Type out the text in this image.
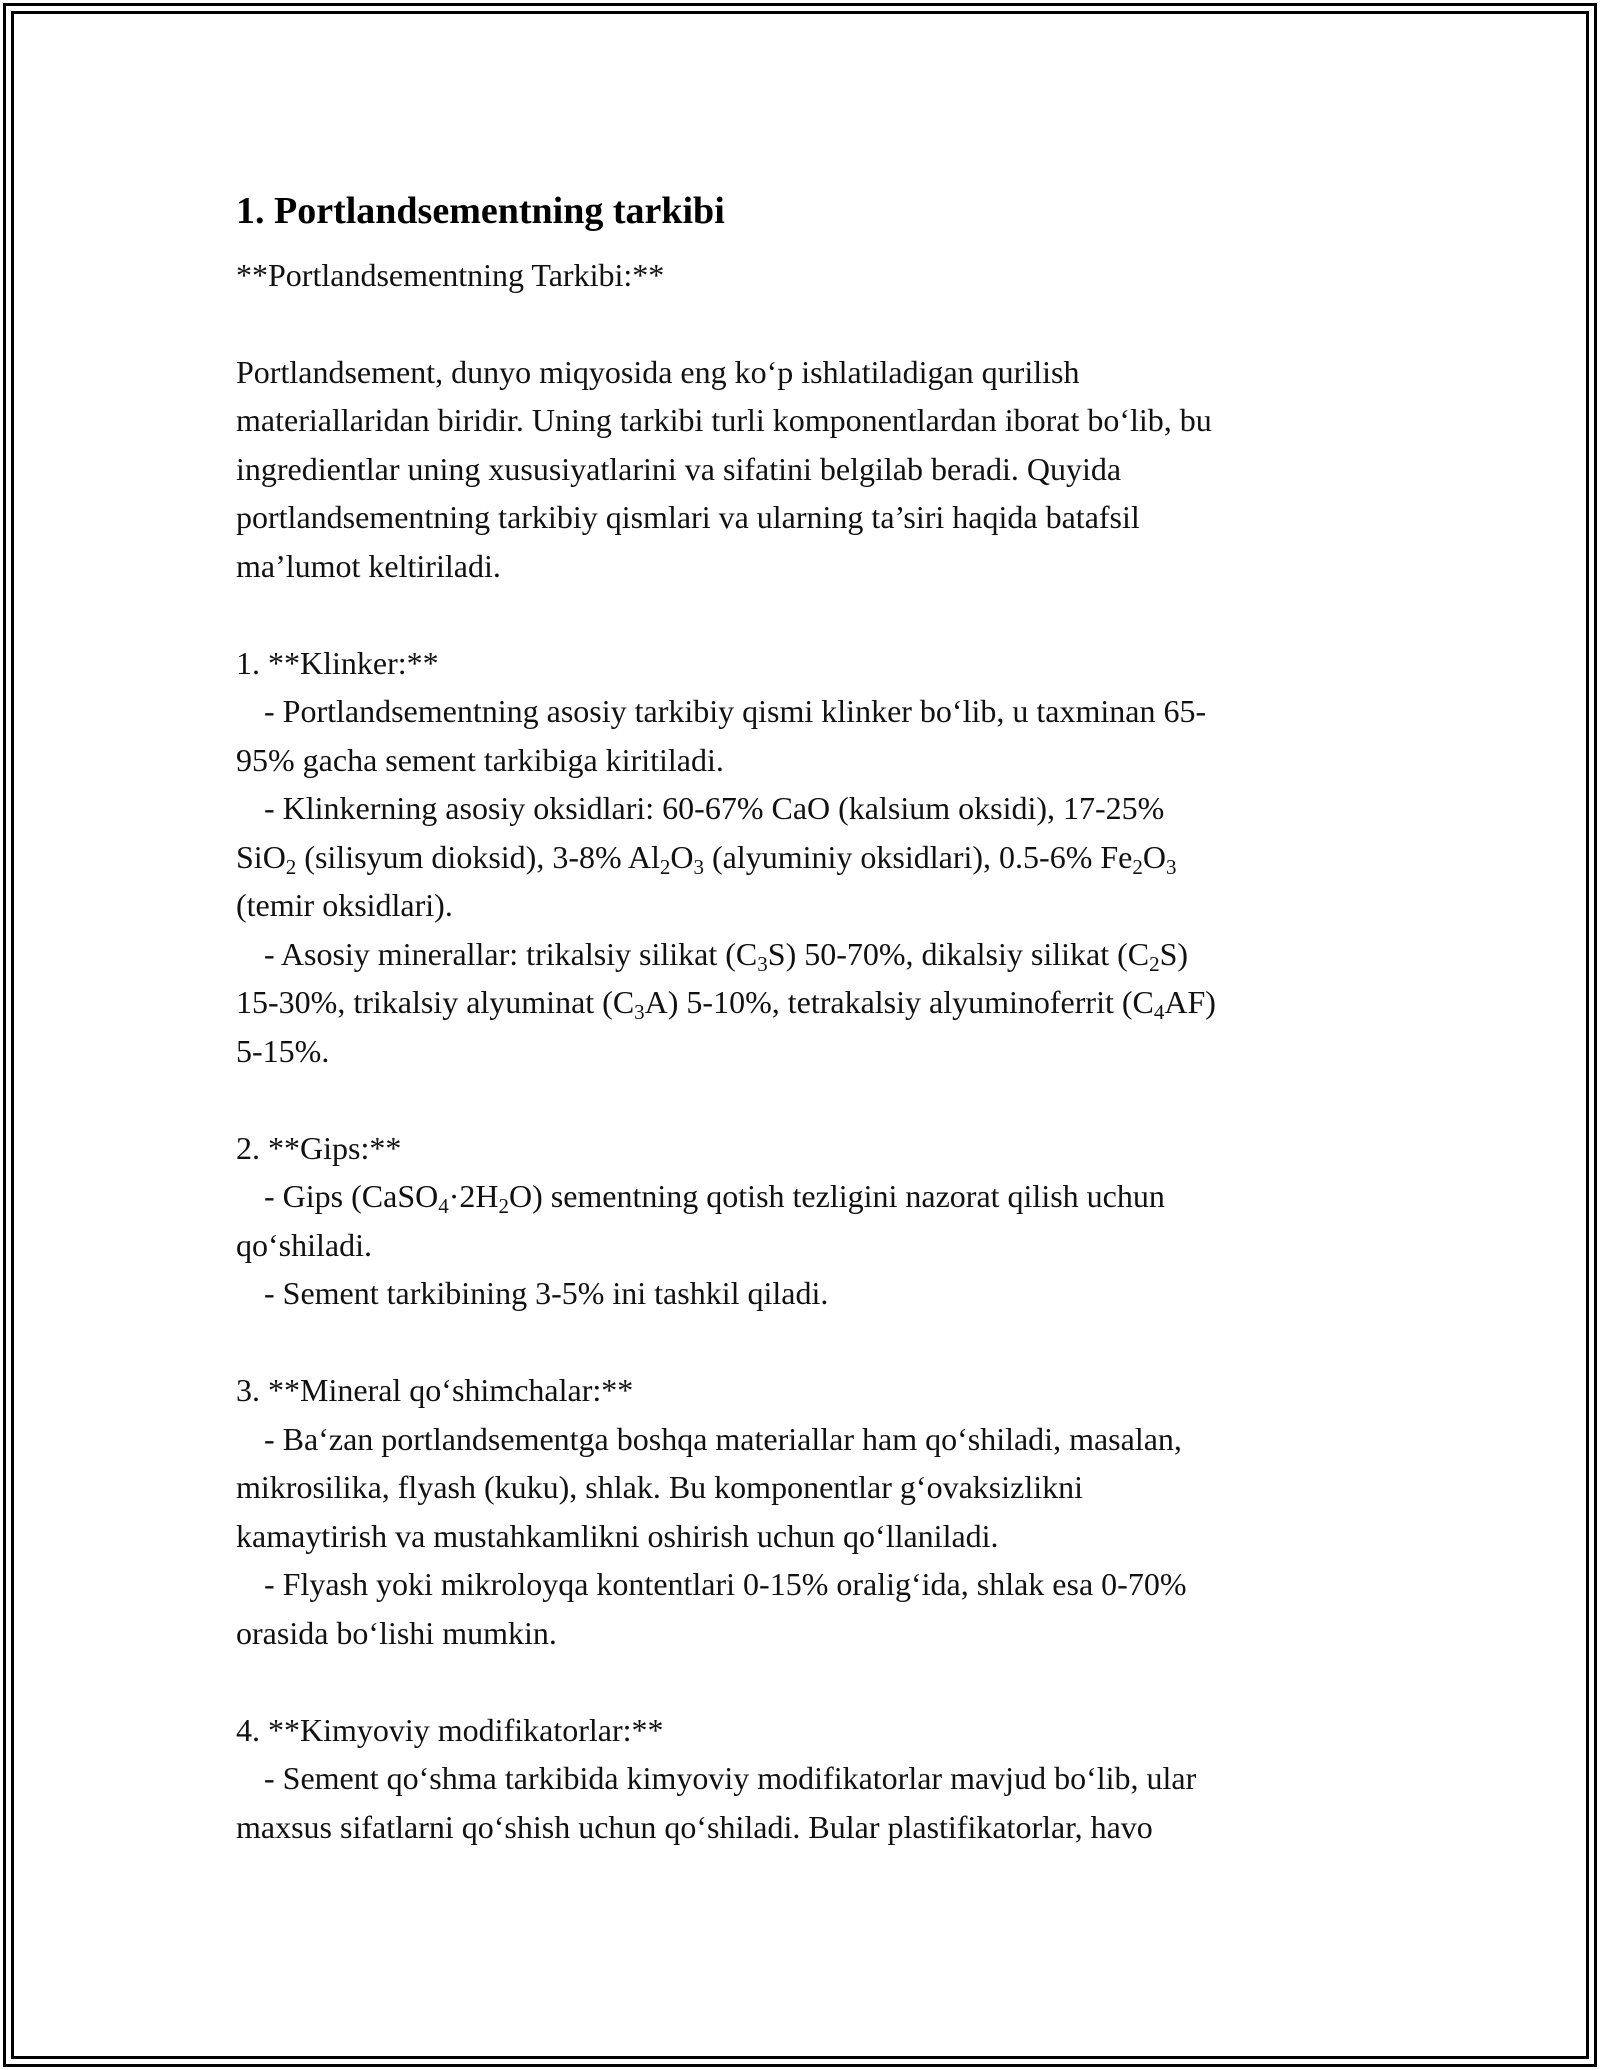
1. Portlandsementning tarkibi
**Portlandsementning Tarkibi:**
Portlandsement, dunyo miqyosida eng ko‘p ishlatiladigan qurilish
materiallaridan biridir. Uning tarkibi turli komponentlardan iborat bo‘lib, bu
ingredientlar uning xususiyatlarini va sifatini belgilab beradi. Quyida
portlandsementning tarkibiy qismlari va ularning ta’siri haqida batafsil
ma’lumot keltiriladi.
1. **Klinker:**
- Portlandsementning asosiy tarkibiy qismi klinker bo‘lib, u taxminan 65-
95% gacha sement tarkibiga kiritiladi.
- Klinkerning asosiy oksidlari: 60-67% CaO (kalsium oksidi), 17-25%
SiO$_2$ (silisyum dioksid), 3-8% $Al_2O_3$ (alyuminiy oksidlari), 0.5-6% $Fe_2O_3$
(temir oksidlari).
- Asosiy minerallar: trikalsiy silikat $(C_3S)$ 50-70%, dikalsiy silikat $(C_2S)$
15-30%, trikalsiy alyuminat $(C_3A)$ 5-10%, tetrakalsiy alyuminoferrit $(C_4AF)$
5-15%.
2. **Gips:**
- Gips $(CaSO_4\cdot 2H_2O)$ sementning qotish tezligini nazorat qilish uchun
qo‘shiladi.
- Sement tarkibining 3-5% ini tashkil qiladi.
3. **Mineral qo‘shimchalar:**
- Ba‘zan portlandsementga boshqa materiallar ham qo‘shiladi, masalan,
mikrosilika, flyash (kuku), shlak. Bu komponentlar g‘ovaksizlikni
kamaytirish va mustahkamlikni oshirish uchun qo‘llaniladi.
- Flyash yoki mikroloyqa kontentlari 0-15% oralig‘ida, shlak esa 0-70%
orasida bo‘lishi mumkin.
4. **Kimyoviy modifikatorlar:**
- Sement qo‘shma tarkibida kimyoviy modifikatorlar mavjud bo‘lib, ular
maxsus sifatlarni qo‘shish uchun qo‘shiladi. Bular plastifikatorlar, havo
